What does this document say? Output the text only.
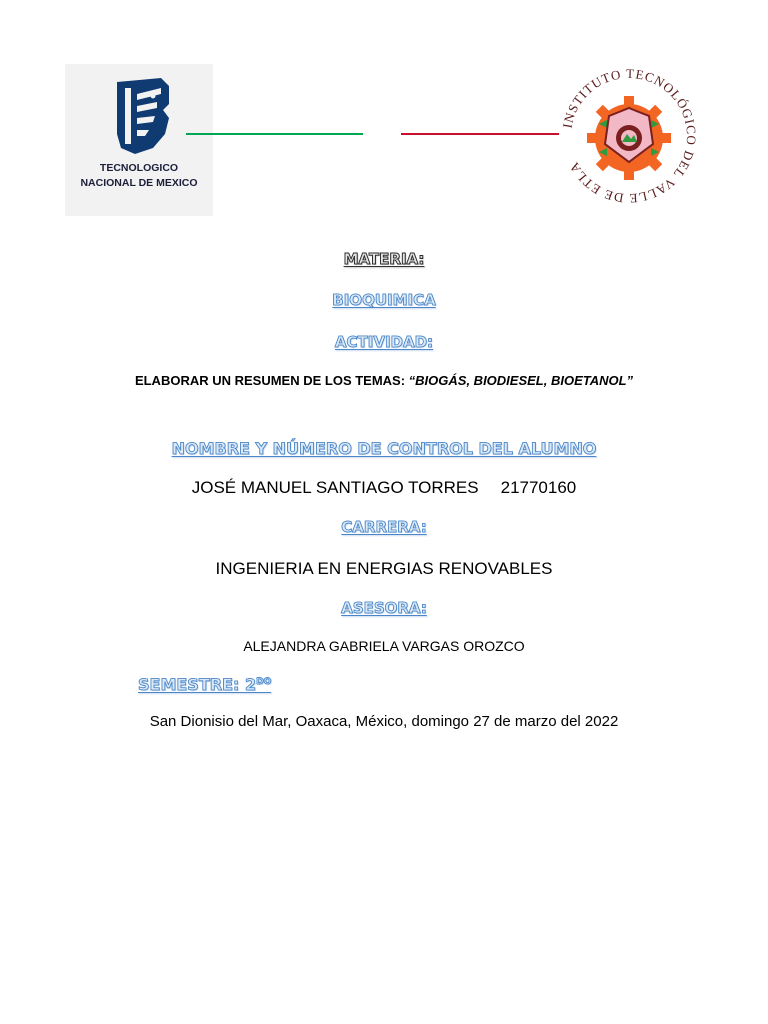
TECNOLOGICO
NACIONAL DE MEXICO
INSTITUTO TECNOLÓGICO DEL VALLE DE ETLA
MATERIA:
BIOQUIMICA
ACTIVIDAD:
ELABORAR UN RESUMEN DE LOS TEMAS: “BIOGÁS, BIODIESEL, BIOETANOL”
NOMBRE Y NÚMERO DE CONTROL DEL ALUMNO
JOSÉ MANUEL SANTIAGO TORRES 21770160
CARRERA:
INGENIERIA EN ENERGIAS RENOVABLES
ASESORA:
ALEJANDRA GABRIELA VARGAS OROZCO
SEMESTRE: $2^{DO}$
San Dionisio del Mar, Oaxaca, México, domingo 27 de marzo del 2022
